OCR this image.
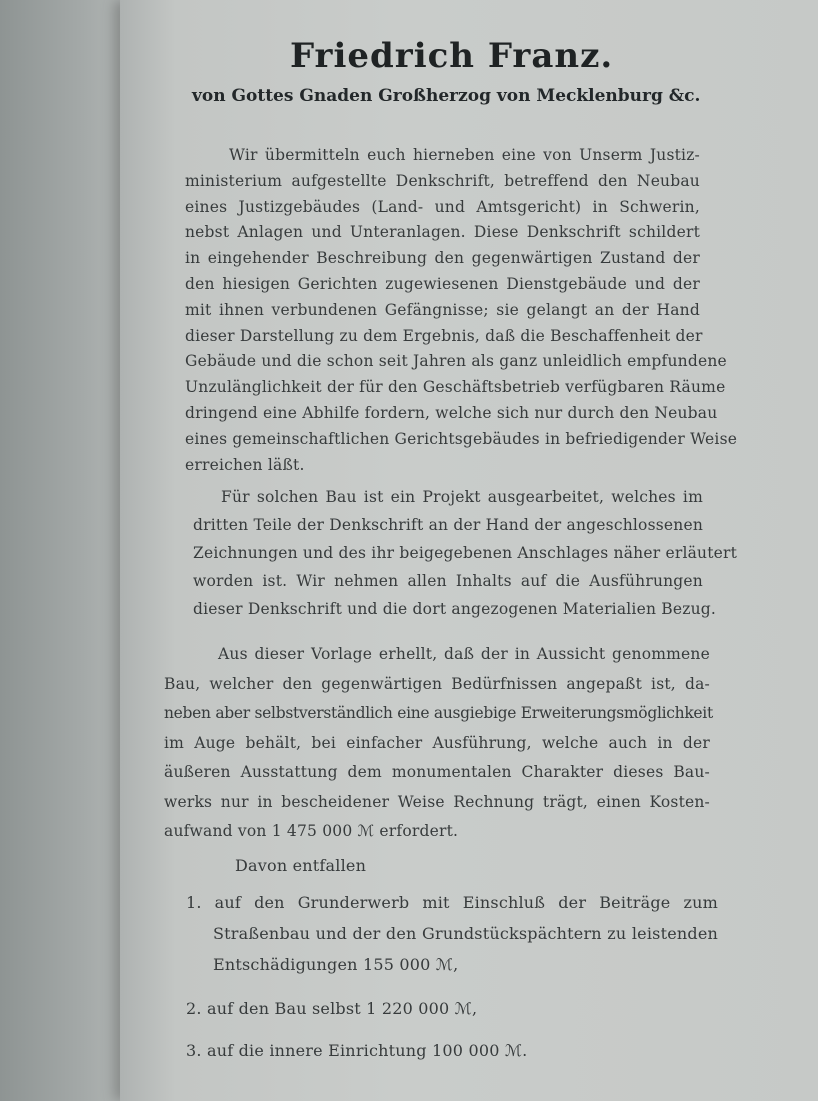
Friedrich Franz.
von Gottes Gnaden Großherzog von Mecklenburg &c.
Wir übermitteln euch hierneben eine von Unserm Justiz-
ministerium aufgestellte Denkschrift, betreffend den Neubau
eines Justizgebäudes (Land- und Amtsgericht) in Schwerin,
nebst Anlagen und Unteranlagen. Diese Denkschrift schildert
in eingehender Beschreibung den gegenwärtigen Zustand der
den hiesigen Gerichten zugewiesenen Dienstgebäude und der
mit ihnen verbundenen Gefängnisse; sie gelangt an der Hand
dieser Darstellung zu dem Ergebnis, daß die Beschaffenheit der
Gebäude und die schon seit Jahren als ganz unleidlich empfundene
Unzulänglichkeit der für den Geschäftsbetrieb verfügbaren Räume
dringend eine Abhilfe fordern, welche sich nur durch den Neubau
eines gemeinschaftlichen Gerichtsgebäudes in befriedigender Weise
erreichen läßt.
Für solchen Bau ist ein Projekt ausgearbeitet, welches im
dritten Teile der Denkschrift an der Hand der angeschlossenen
Zeichnungen und des ihr beigegebenen Anschlages näher erläutert
worden ist. Wir nehmen allen Inhalts auf die Ausführungen
dieser Denkschrift und die dort angezogenen Materialien Bezug.
Aus dieser Vorlage erhellt, daß der in Aussicht genommene
Bau, welcher den gegenwärtigen Bedürfnissen angepaßt ist, da-
neben aber selbstverständlich eine ausgiebige Erweiterungsmöglichkeit
im Auge behält, bei einfacher Ausführung, welche auch in der
äußeren Ausstattung dem monumentalen Charakter dieses Bau-
werks nur in bescheidener Weise Rechnung trägt, einen Kosten-
aufwand von 1 475 000 ℳ erfordert.
Davon entfallen
1. auf den Grunderwerb mit Einschluß der Beiträge zum
Straßenbau und der den Grundstückspächtern zu leistenden
Entschädigungen 155 000 ℳ,
2. auf den Bau selbst 1 220 000 ℳ,
3. auf die innere Einrichtung 100 000 ℳ.
